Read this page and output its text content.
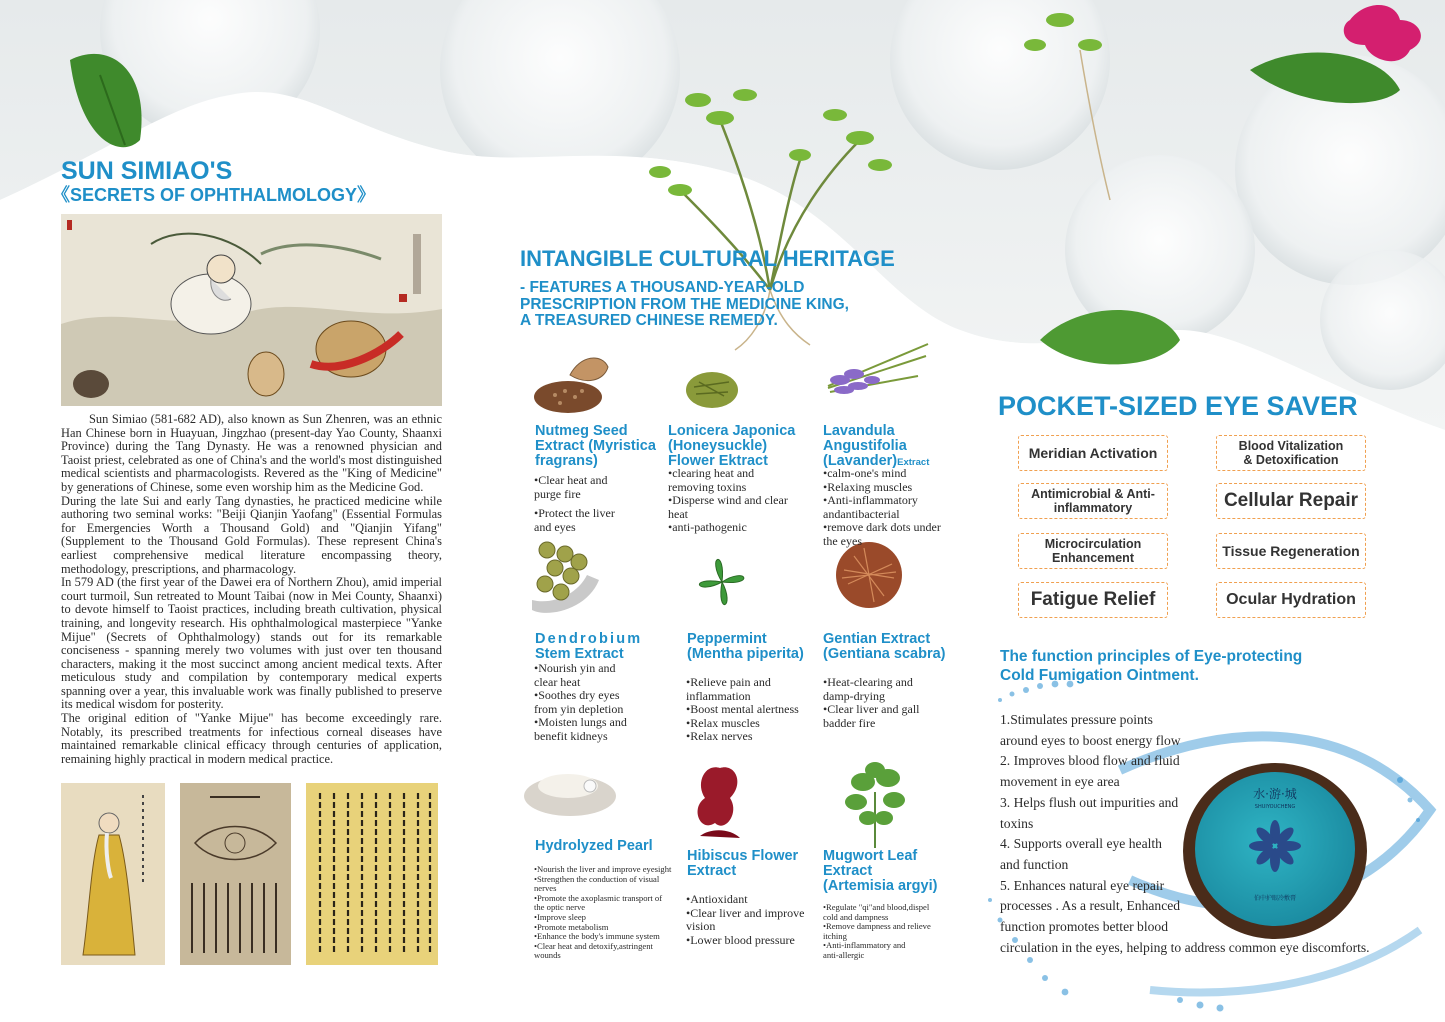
SUN SIMIAO'S
《SECRETS OF OPHTHALMOLOGY》

Sun Simiao (581-682 AD), also known as Sun Zhenren, was an ethnic Han Chinese born in Huayuan, Jingzhao (present-day Yao County, Shaanxi Province) during the Tang Dynasty. He was a renowned physician and Taoist priest, celebrated as one of China's and the world's most distinguished medical scientists and pharmacologists. Revered as the "King of Medicine" by generations of Chinese, some even worship him as the Medicine God.

During the late Sui and early Tang dynasties, he practiced medicine while authoring two seminal works: "Beiji Qianjin Yaofang" (Essential Formulas for Emergencies Worth a Thousand Gold) and "Qianjin Yifang" (Supplement to the Thousand Gold Formulas). These represent China's earliest comprehensive medical literature encompassing theory, methodology, prescriptions, and pharmacology.

In 579 AD (the first year of the Dawei era of Northern Zhou), amid imperial court turmoil, Sun retreated to Mount Taibai (now in Mei County, Shaanxi) to devote himself to Taoist practices, including breath cultivation, physical training, and longevity research. His ophthalmological masterpiece "Yanke Mijue" (Secrets of Ophthalmology) stands out for its remarkable conciseness - spanning merely two volumes with just over ten thousand characters, making it the most succinct among ancient medical texts. After meticulous study and compilation by contemporary medical experts spanning over a year, this invaluable work was finally published to preserve its medical wisdom for posterity.

The original edition of "Yanke Mijue" has become exceedingly rare. Notably, its prescribed treatments for infectious corneal diseases have maintained remarkable clinical efficacy through centuries of application, remaining highly practical in modern medical practice.

INTANGIBLE CULTURAL HERITAGE
- FEATURES A THOUSAND-YEAR-OLD
PRESCRIPTION FROM THE MEDICINE KING,
A TREASURED CHINESE REMEDY.
Nutmeg Seed
Extract (Myristica
fragrans)
•Clear heat and
purge fire
•Protect the liver
and eyes
Lonicera Japonica
(Honeysuckle)
Flower Ektract
•clearing heat and
removing toxins
•Disperse wind and clear
heat
•anti-pathogenic
Lavandula
Angustifolia
(Lavander)Extract
•calm-one's mind
•Relaxing muscles
•Anti-inflammatory
andantibacterial
•remove dark dots under
the eyes
Dendrobium
Stem Extract
•Nourish yin and
clear heat
•Soothes dry eyes
from yin depletion
•Moisten lungs and
benefit kidneys
Peppermint
(Mentha piperita)
•Relieve pain and
inflammation
•Boost mental alertness
•Relax muscles
•Relax nerves
Gentian Extract
(Gentiana scabra)
•Heat-clearing and
damp-drying
•Clear liver and gall
badder fire
Hydrolyzed Pearl
•Nourish the liver and improve eyesight
•Strengthen the conduction of visual
nerves
•Promote the axoplasmic transport of
the optic nerve
•Improve sleep
•Promote metabolism
•Enhance the body's immune system
•Clear heat and detoxify,astringent
wounds
Hibiscus Flower
Extract
•Antioxidant
•Clear liver and improve
vision
•Lower blood pressure
Mugwort Leaf
Extract
(Artemisia argyi)
•Regulate "qi"and blood,dispel
cold and dampness
•Remove dampness and relieve
itching
•Anti-inflammatory and
anti-allergic
POCKET-SIZED EYE SAVER
Meridian Activation	Blood Vitalization & Detoxification
Antimicrobial & Anti-inflammatory	Cellular Repair
Microcirculation Enhancement	Tissue Regeneration
Fatigue Relief	Ocular Hydration
The function principles of Eye-protecting
Cold Fumigation Ointment.
水·游·城
SHUIYOUCHENG
伯中护眼冷敷膏
1.Stimulates pressure points
around eyes to boost energy flow
2. Improves blood flow and fluid
movement in eye area
3. Helps flush out impurities and
toxins
4. Supports overall eye health
and function
5. Enhances natural eye repair
processes . As a result, Enhanced
function promotes better blood
circulation in the eyes, helping to address common eye discomforts.
